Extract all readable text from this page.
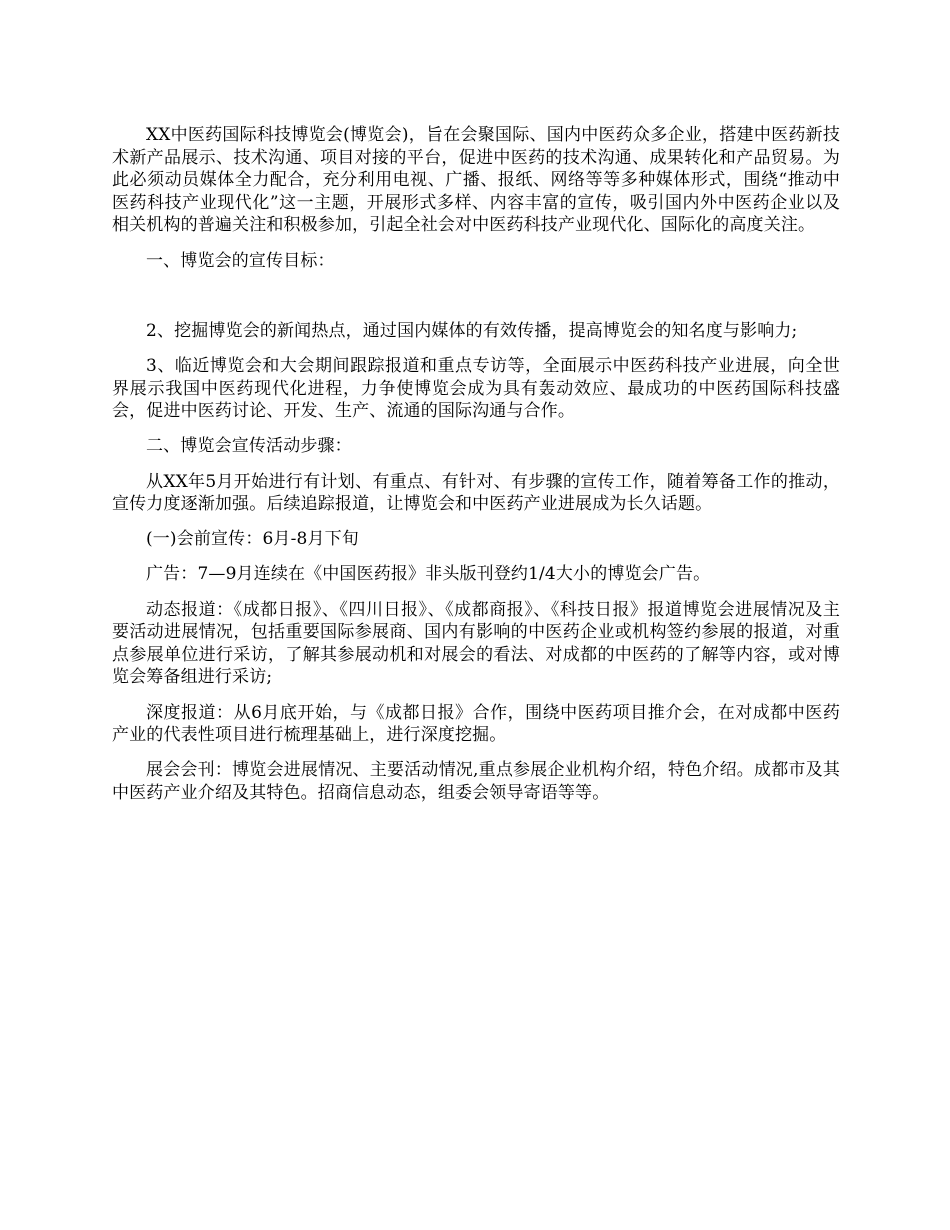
XX中医药国际科技博览会(博览会)，旨在会聚国际、国内中医药众多企业，搭建中医药新技术新产品展示、技术沟通、项目对接的平台，促进中医药的技术沟通、成果转化和产品贸易。为此必须动员媒体全力配合，充分利用电视、广播、报纸、网络等等多种媒体形式，围绕“推动中医药科技产业现代化”这一主题，开展形式多样、内容丰富的宣传，吸引国内外中医药企业以及相关机构的普遍关注和积极参加，引起全社会对中医药科技产业现代化、国际化的高度关注。

一、博览会的宣传目标：

2、挖掘博览会的新闻热点，通过国内媒体的有效传播，提高博览会的知名度与影响力;

3、临近博览会和大会期间跟踪报道和重点专访等，全面展示中医药科技产业进展，向全世界展示我国中医药现代化进程，力争使博览会成为具有轰动效应、最成功的中医药国际科技盛会，促进中医药讨论、开发、生产、流通的国际沟通与合作。

二、博览会宣传活动步骤：

从XX年5月开始进行有计划、有重点、有针对、有步骤的宣传工作，随着筹备工作的推动，宣传力度逐渐加强。后续追踪报道，让博览会和中医药产业进展成为长久话题。

(一)会前宣传：6月-8月下旬

广告：7—9月连续在《中国医药报》非头版刊登约1/4大小的博览会广告。

动态报道：《成都日报》、《四川日报》、《成都商报》、《科技日报》报道博览会进展情况及主要活动进展情况，包括重要国际参展商、国内有影响的中医药企业或机构签约参展的报道，对重点参展单位进行采访，了解其参展动机和对展会的看法、对成都的中医药的了解等内容，或对博览会筹备组进行采访;

深度报道：从6月底开始，与《成都日报》合作，围绕中医药项目推介会，在对成都中医药产业的代表性项目进行梳理基础上，进行深度挖掘。

展会会刊：博览会进展情况、主要活动情况,重点参展企业机构介绍，特色介绍。成都市及其中医药产业介绍及其特色。招商信息动态，组委会领导寄语等等。
